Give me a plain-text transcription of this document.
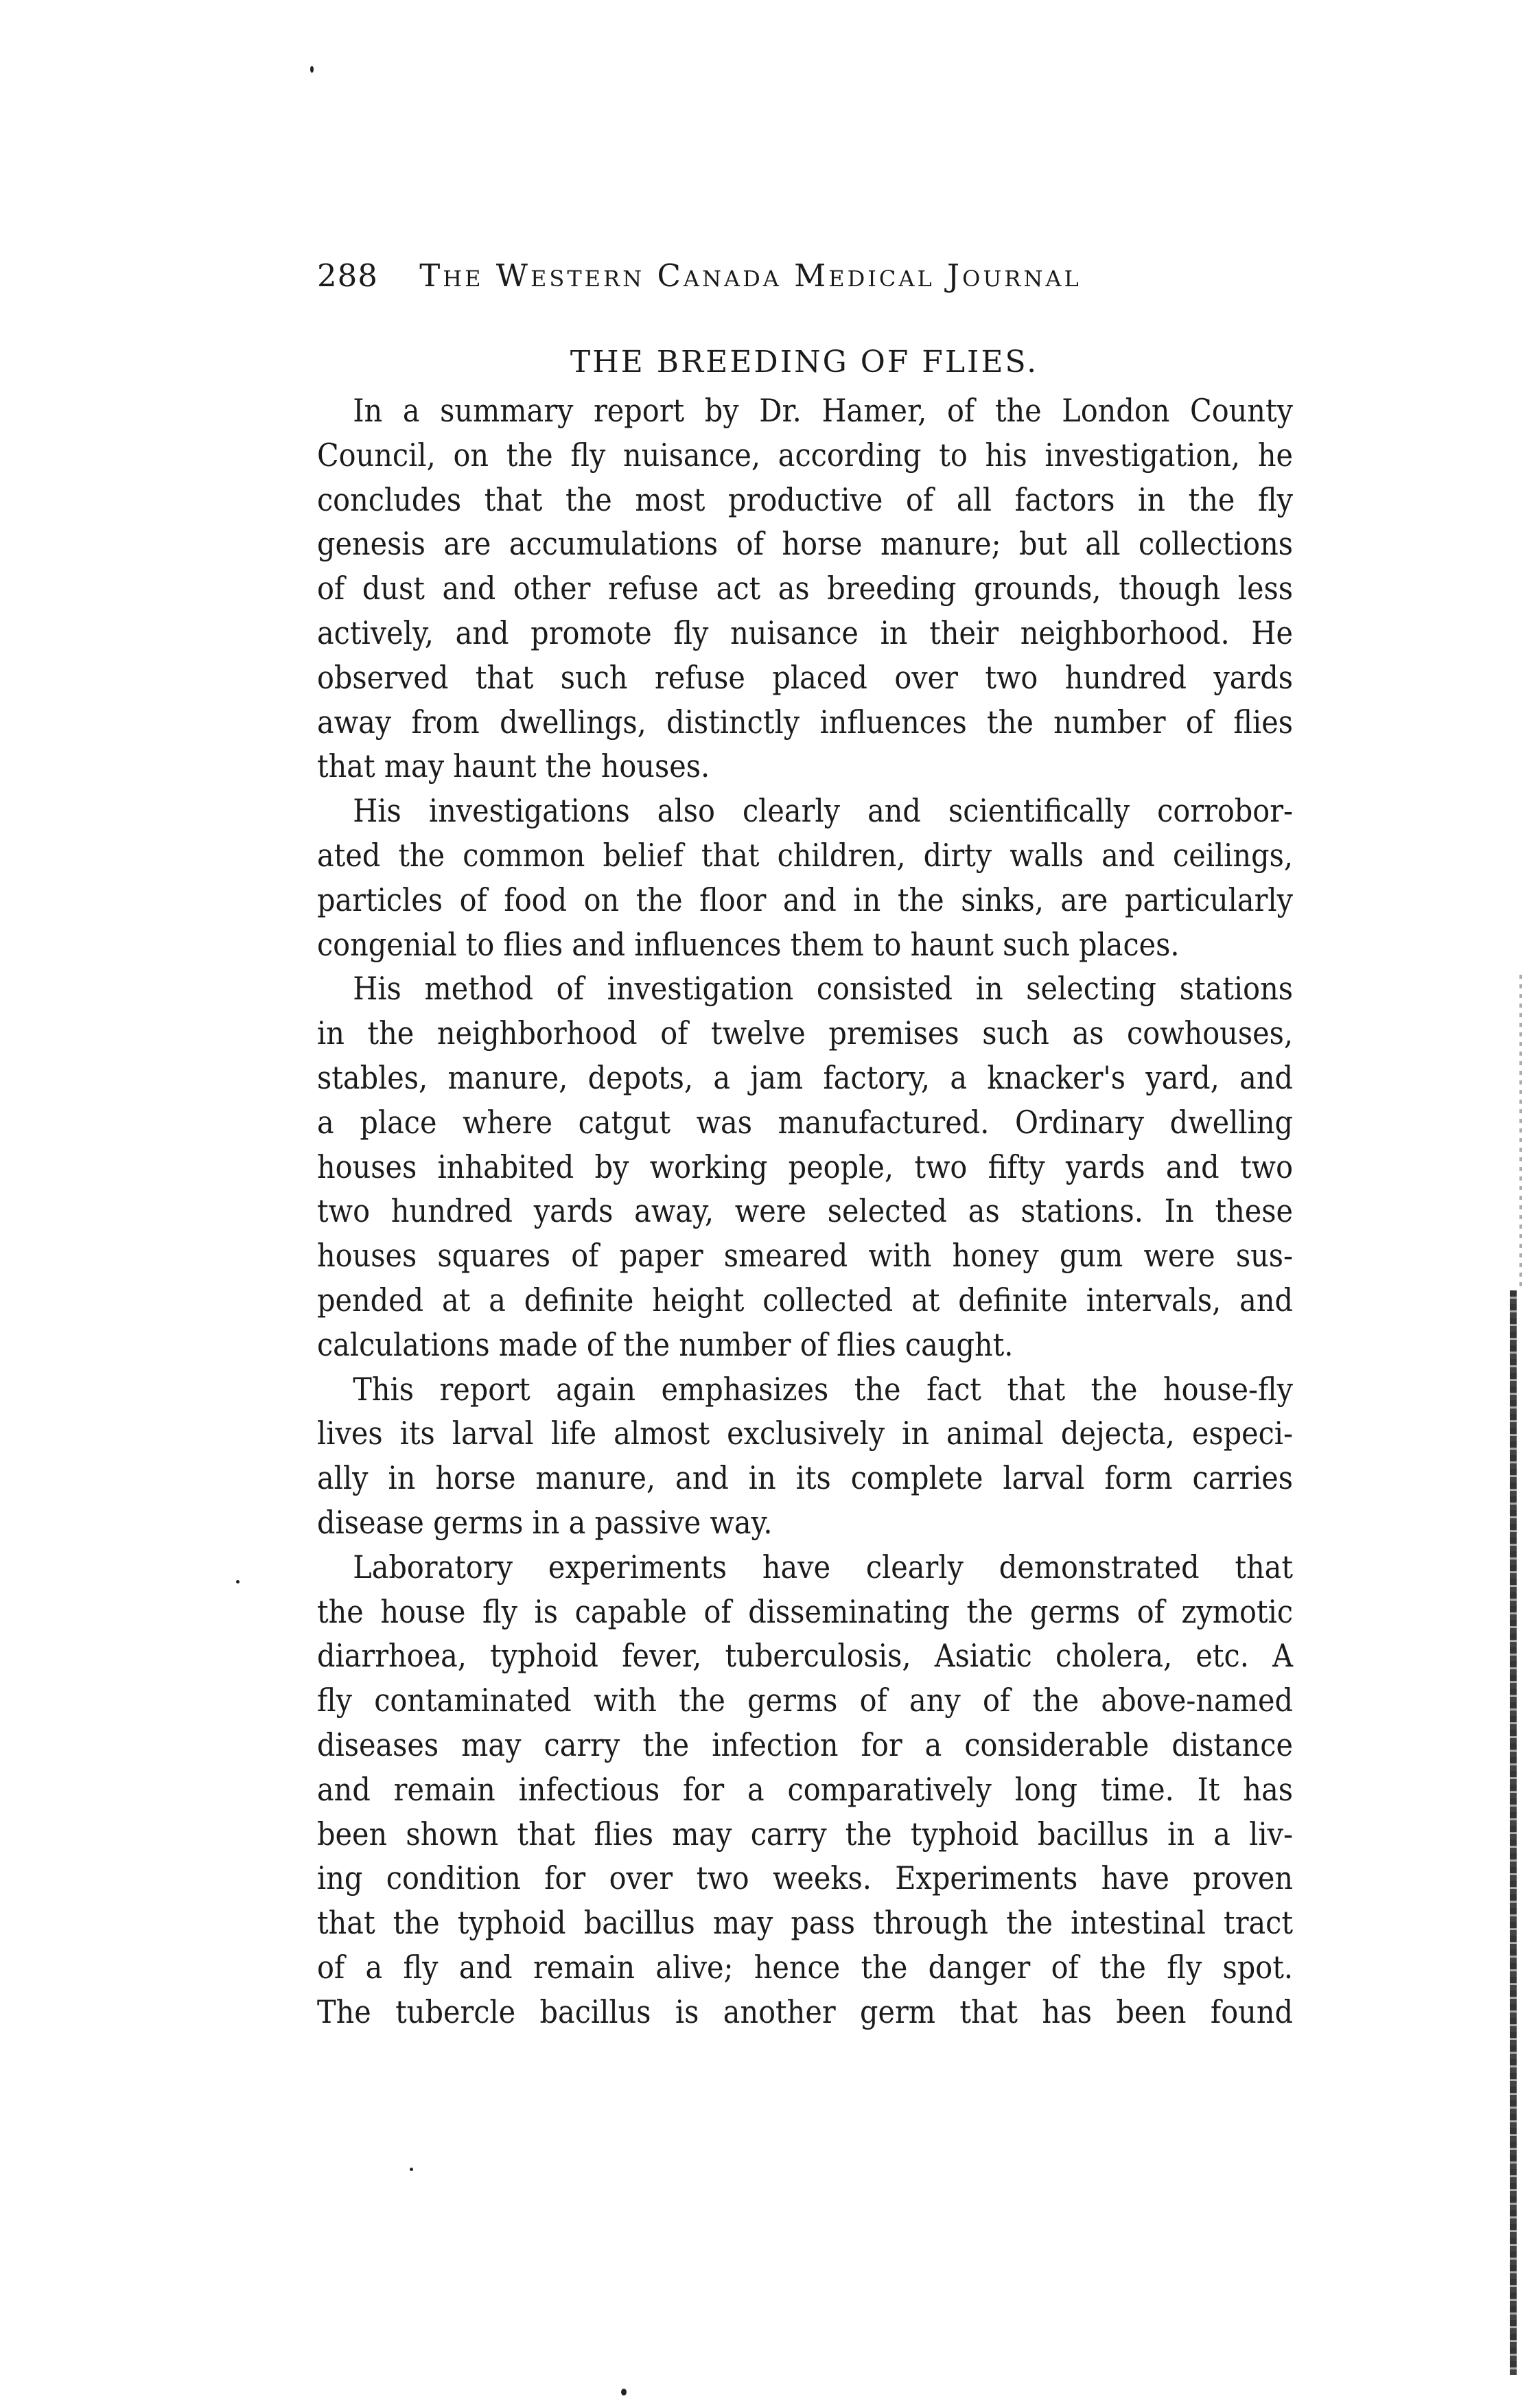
288 The Western Canada Medical Journal
THE BREEDING OF FLIES.
In a summary report by Dr. Hamer, of the London County
Council, on the fly nuisance, according to his investigation, he
concludes that the most productive of all factors in the fly
genesis are accumulations of horse manure; but all collections
of dust and other refuse act as breeding grounds, though less
actively, and promote fly nuisance in their neighborhood. He
observed that such refuse placed over two hundred yards
away from dwellings, distinctly influences the number of flies
that may haunt the houses.
His investigations also clearly and scientifically corrobor-
ated the common belief that children, dirty walls and ceilings,
particles of food on the floor and in the sinks, are particularly
congenial to flies and influences them to haunt such places.
His method of investigation consisted in selecting stations
in the neighborhood of twelve premises such as cowhouses,
stables, manure, depots, a jam factory, a knacker's yard, and
a place where catgut was manufactured. Ordinary dwelling
houses inhabited by working people, two fifty yards and two
two hundred yards away, were selected as stations. In these
houses squares of paper smeared with honey gum were sus-
pended at a definite height collected at definite intervals, and
calculations made of the number of flies caught.
This report again emphasizes the fact that the house-fly
lives its larval life almost exclusively in animal dejecta, especi-
ally in horse manure, and in its complete larval form carries
disease germs in a passive way.
Laboratory experiments have clearly demonstrated that
the house fly is capable of disseminating the germs of zymotic
diarrhoea, typhoid fever, tuberculosis, Asiatic cholera, etc. A
fly contaminated with the germs of any of the above-named
diseases may carry the infection for a considerable distance
and remain infectious for a comparatively long time. It has
been shown that flies may carry the typhoid bacillus in a liv-
ing condition for over two weeks. Experiments have proven
that the typhoid bacillus may pass through the intestinal tract
of a fly and remain alive; hence the danger of the fly spot.
The tubercle bacillus is another germ that has been found
